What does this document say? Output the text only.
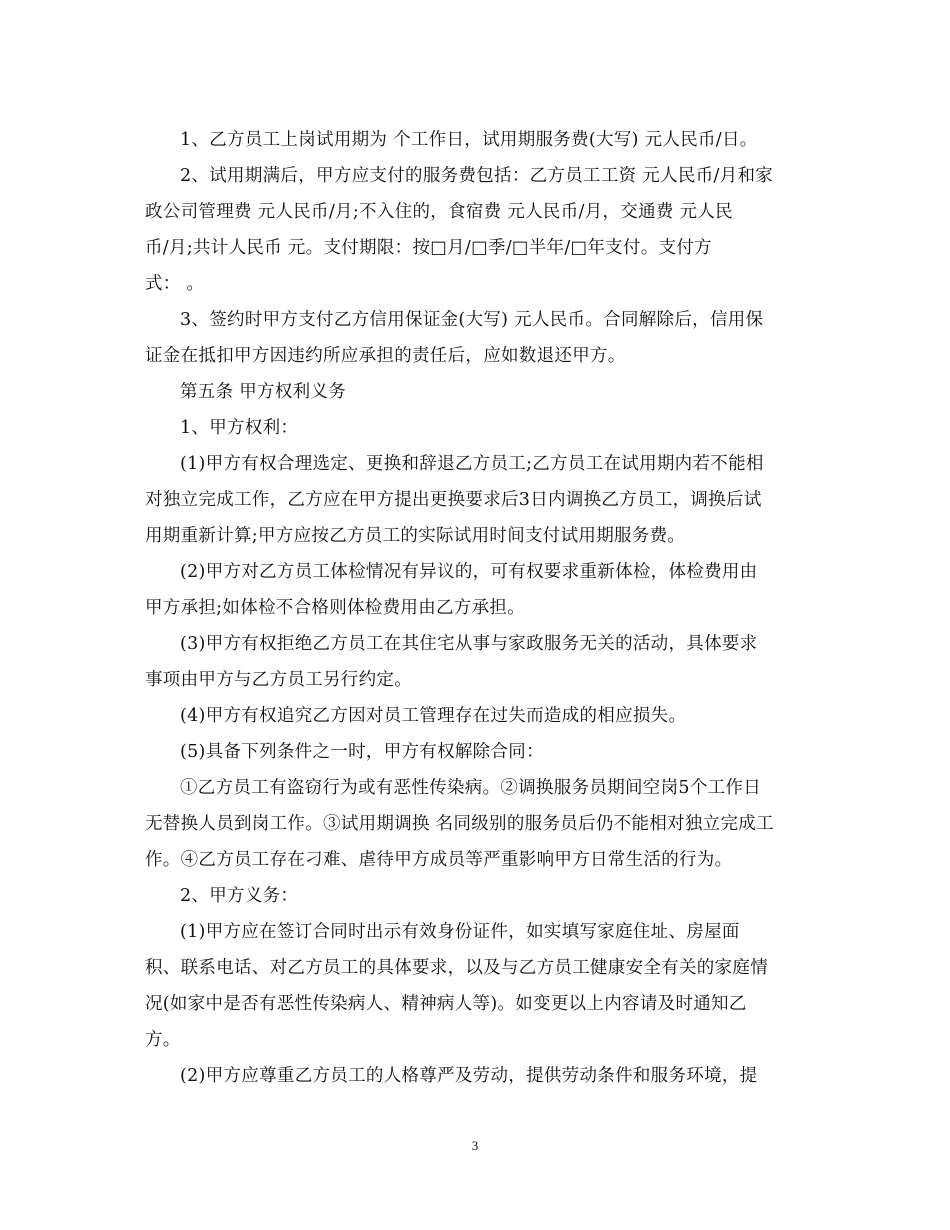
1、乙方员工上岗试用期为 个工作日，试用期服务费(大写) 元人民币/日。
2、试用期满后，甲方应支付的服务费包括：乙方员工工资 元人民币/月和家
政公司管理费 元人民币/月;不入住的，食宿费 元人民币/月，交通费 元人民
币/月;共计人民币 元。支付期限：按□月/□季/□半年/□年支付。支付方
式： 。
3、签约时甲方支付乙方信用保证金(大写) 元人民币。合同解除后，信用保
证金在抵扣甲方因违约所应承担的责任后，应如数退还甲方。
第五条 甲方权利义务
1、甲方权利：
(1)甲方有权合理选定、更换和辞退乙方员工;乙方员工在试用期内若不能相
对独立完成工作，乙方应在甲方提出更换要求后3日内调换乙方员工，调换后试
用期重新计算;甲方应按乙方员工的实际试用时间支付试用期服务费。
(2)甲方对乙方员工体检情况有异议的，可有权要求重新体检，体检费用由
甲方承担;如体检不合格则体检费用由乙方承担。
(3)甲方有权拒绝乙方员工在其住宅从事与家政服务无关的活动，具体要求
事项由甲方与乙方员工另行约定。
(4)甲方有权追究乙方因对员工管理存在过失而造成的相应损失。
(5)具备下列条件之一时，甲方有权解除合同：
①乙方员工有盗窃行为或有恶性传染病。②调换服务员期间空岗5个工作日
无替换人员到岗工作。③试用期调换 名同级别的服务员后仍不能相对独立完成工
作。④乙方员工存在刁难、虐待甲方成员等严重影响甲方日常生活的行为。
2、甲方义务：
(1)甲方应在签订合同时出示有效身份证件，如实填写家庭住址、房屋面
积、联系电话、对乙方员工的具体要求，以及与乙方员工健康安全有关的家庭情
况(如家中是否有恶性传染病人、精神病人等)。如变更以上内容请及时通知乙
方。
(2)甲方应尊重乙方员工的人格尊严及劳动，提供劳动条件和服务环境，提
3
